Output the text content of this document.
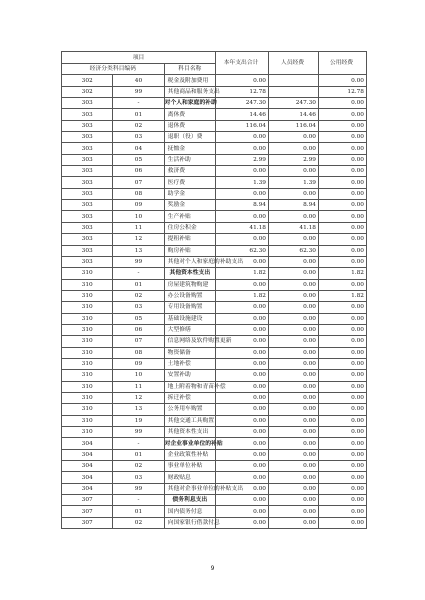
项目			本年支出合计	人员经费	公用经费
经济分类科目编码		科目名称			
302	40	税金及附加费用	0.00		0.00
302	99	其他商品和服务支出	12.78		12.78
303	-	对个人和家庭的补助	247.30	247.30	0.00
303	01	离休费	14.46	14.46	0.00
303	02	退休费	116.04	116.04	0.00
303	03	退职（役）费	0.00	0.00	0.00
303	04	抚恤金	0.00	0.00	0.00
303	05	生活补助	2.99	2.99	0.00
303	06	救济费	0.00	0.00	0.00
303	07	医疗费	1.39	1.39	0.00
303	08	助学金	0.00	0.00	0.00
303	09	奖励金	8.94	8.94	0.00
303	10	生产补贴	0.00	0.00	0.00
303	11	住房公积金	41.18	41.18	0.00
303	12	提租补贴	0.00	0.00	0.00
303	13	购房补贴	62.30	62.30	0.00
303	99	其他对个人和家庭的补助支出	0.00	0.00	0.00
310	-	其他资本性支出	1.82	0.00	1.82
310	01	房屋建筑物购建	0.00	0.00	0.00
310	02	办公设备购置	1.82	0.00	1.82
310	03	专用设备购置	0.00	0.00	0.00
310	05	基础设施建设	0.00	0.00	0.00
310	06	大型修缮	0.00	0.00	0.00
310	07	信息网络及软件购置更新	0.00	0.00	0.00
310	08	物资储备	0.00	0.00	0.00
310	09	土地补偿	0.00	0.00	0.00
310	10	安置补助	0.00	0.00	0.00
310	11	地上附着物和青苗补偿	0.00	0.00	0.00
310	12	拆迁补偿	0.00	0.00	0.00
310	13	公务用车购置	0.00	0.00	0.00
310	19	其他交通工具购置	0.00	0.00	0.00
310	99	其他资本性支出	0.00	0.00	0.00
304	-	对企业事业单位的补贴	0.00	0.00	0.00
304	01	企业政策性补贴	0.00	0.00	0.00
304	02	事业单位补贴	0.00	0.00	0.00
304	03	财政贴息	0.00	0.00	0.00
304	99	其他对企事业单位的补贴支出	0.00	0.00	0.00
307	-	债务利息支出	0.00	0.00	0.00
307	01	国内债务付息	0.00	0.00	0.00
307	02	向国家银行借款付息	0.00	0.00	0.00
9
